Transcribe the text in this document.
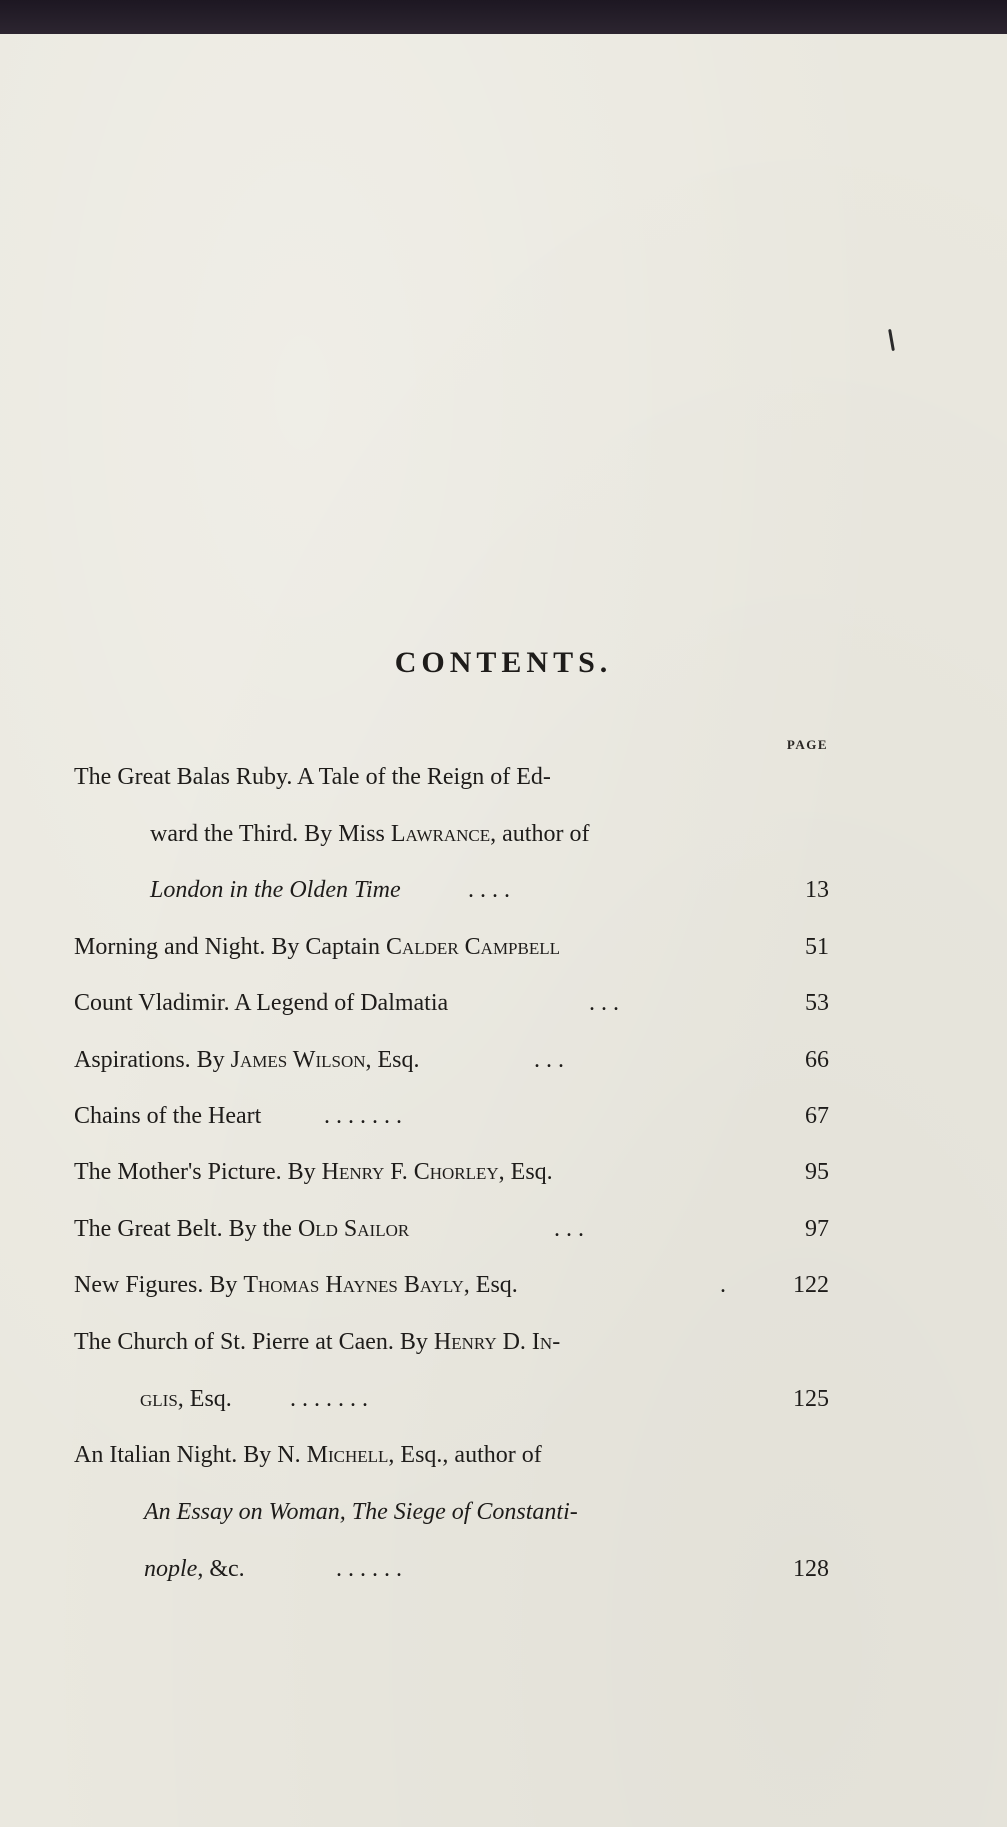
CONTENTS.
PAGE
The Great Balas Ruby. A Tale of the Reign of Ed-
ward the Third. By Miss Lawrance, author of
London in the Olden Time	. . . .	13
Morning and Night. By Captain Calder Campbell	51
Count Vladimir. A Legend of Dalmatia	. . .	53
Aspirations. By James Wilson, Esq.	. . .	66
Chains of the Heart	. . . . . . .	67
The Mother's Picture. By Henry F. Chorley, Esq.	95
The Great Belt. By the Old Sailor	. . .	97
New Figures. By Thomas Haynes Bayly, Esq.	.	122
The Church of St. Pierre at Caen. By Henry D. In-
glis, Esq. . . . . . . .	125
An Italian Night. By N. Michell, Esq., author of
An Essay on Woman, The Siege of Constanti-
nople, &c.	. . . . . .	128
